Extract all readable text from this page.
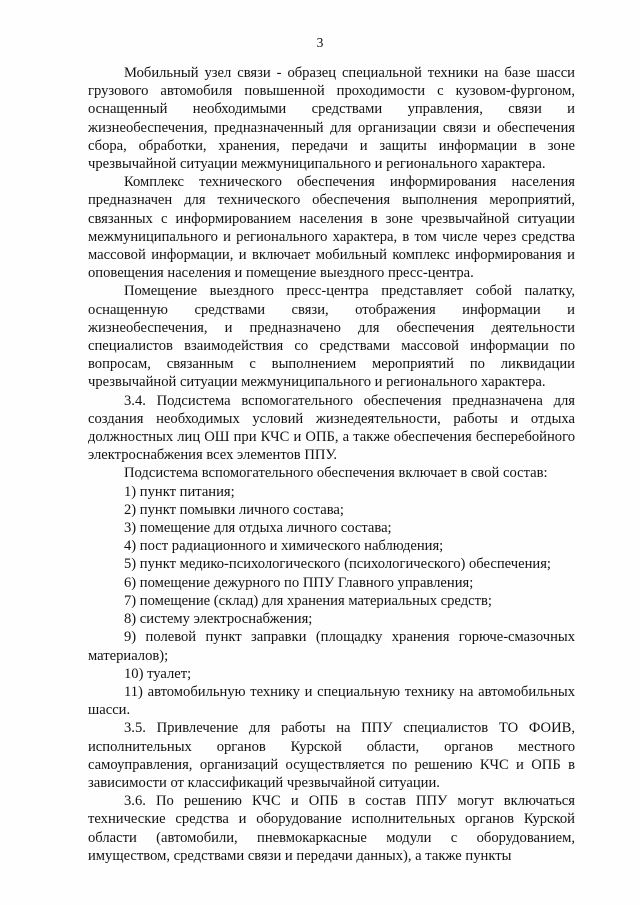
3

Мобильный узел связи - образец специальной техники на базе шасси грузового автомобиля повышенной проходимости с кузовом-фургоном, оснащенный необходимыми средствами управления, связи и жизнеобеспечения, предназначенный для организации связи и обеспечения сбора, обработки, хранения, передачи и защиты информации в зоне чрезвычайной ситуации межмуниципального и регионального характера.

Комплекс технического обеспечения информирования населения предназначен для технического обеспечения выполнения мероприятий, связанных с информированием населения в зоне чрезвычайной ситуации межмуниципального и регионального характера, в том числе через средства массовой информации, и включает мобильный комплекс информирования и оповещения населения и помещение выездного пресс-центра.

Помещение выездного пресс-центра представляет собой палатку, оснащенную средствами связи, отображения информации и жизнеобеспечения, и предназначено для обеспечения деятельности специалистов взаимодействия со средствами массовой информации по вопросам, связанным с выполнением мероприятий по ликвидации чрезвычайной ситуации межмуниципального и регионального характера.

3.4. Подсистема вспомогательного обеспечения предназначена для создания необходимых условий жизнедеятельности, работы и отдыха должностных лиц ОШ при КЧС и ОПБ, а также обеспечения бесперебойного электроснабжения всех элементов ППУ.

Подсистема вспомогательного обеспечения включает в свой состав:

1) пункт питания;

2) пункт помывки личного состава;

3) помещение для отдыха личного состава;

4) пост радиационного и химического наблюдения;

5) пункт медико-психологического (психологического) обеспечения;

6) помещение дежурного по ППУ Главного управления;

7) помещение (склад) для хранения материальных средств;

8) систему электроснабжения;

9) полевой пункт заправки (площадку хранения горюче-смазочных материалов);

10) туалет;

11) автомобильную технику и специальную технику на автомобильных шасси.

3.5. Привлечение для работы на ППУ специалистов ТО ФОИВ, исполнительных органов Курской области, органов местного самоуправления, организаций осуществляется по решению КЧС и ОПБ в зависимости от классификаций чрезвычайной ситуации.

3.6. По решению КЧС и ОПБ в состав ППУ могут включаться технические средства и оборудование исполнительных органов Курской области (автомобили, пневмокаркасные модули с оборудованием, имуществом, средствами связи и передачи данных), а также пункты
